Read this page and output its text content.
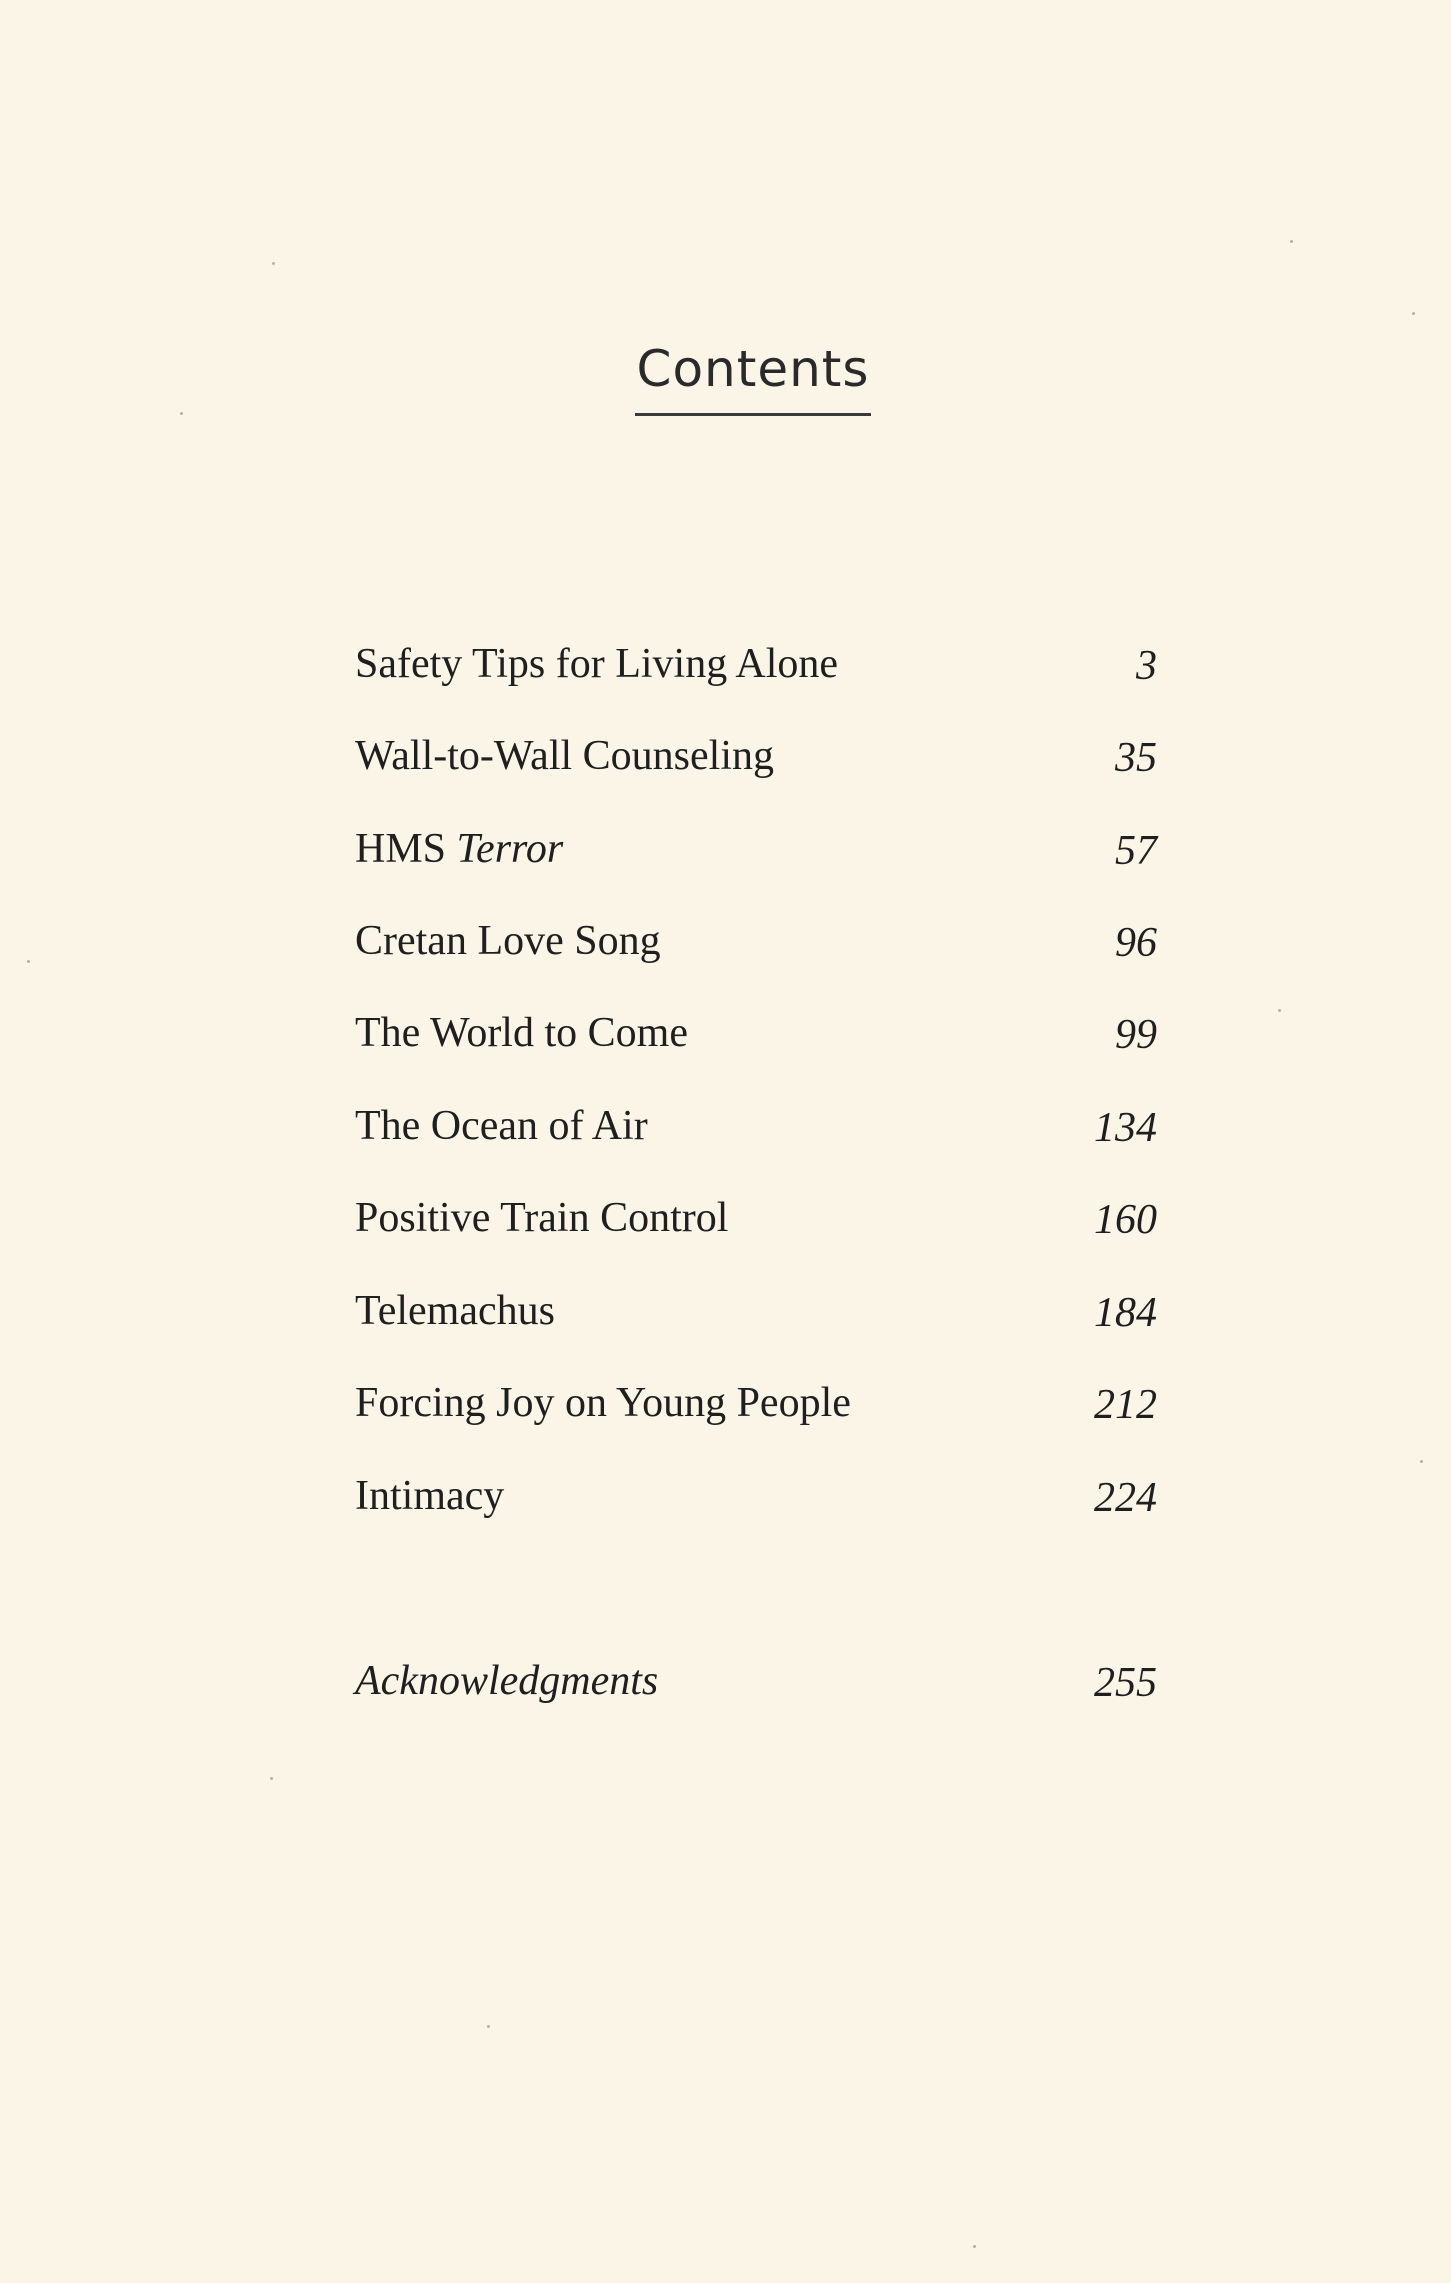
Contents
Safety Tips for Living Alone	3
Wall-to-Wall Counseling	35
HMS Terror	57
Cretan Love Song	96
The World to Come	99
The Ocean of Air	134
Positive Train Control	160
Telemachus	184
Forcing Joy on Young People	212
Intimacy	224
Acknowledgments	255
